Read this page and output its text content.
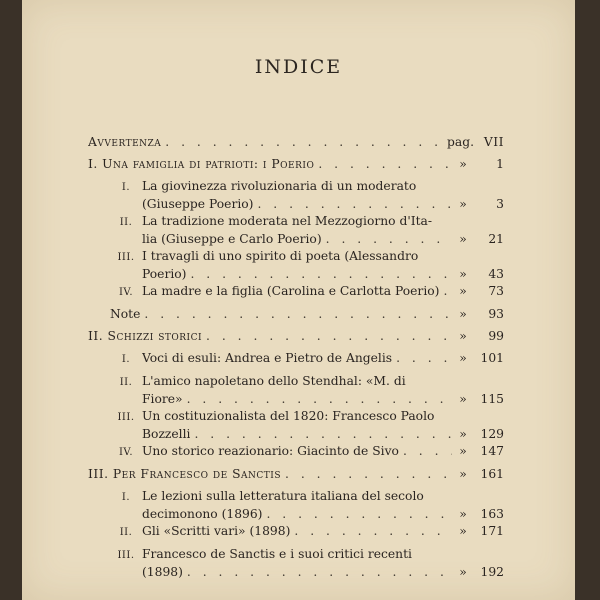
INDICE
Avvertenza . . .	pag. VII
I. Una famiglia di patrioti: i Poerio . . .	»	1
I. La giovinezza rivoluzionaria di un moderato
(Giuseppe Poerio) . . .	»	3
II. La tradizione moderata nel Mezzogiorno d'Ita-
lia (Giuseppe e Carlo Poerio) . . .	»	21
III. I travagli di uno spirito di poeta (Alessandro
Poerio) . . .	»	43
IV. La madre e la figlia (Carolina e Carlotta Poerio) . . .	»	73
Note . . .	»	93
II. Schizzi storici . . .	»	99
I. Voci di esuli: Andrea e Pietro de Angelis . . .	»	101
II. L'amico napoletano dello Stendhal: «M. di
Fiore» . . .	»	115
III. Un costituzionalista del 1820: Francesco Paolo
Bozzelli . . .	»	129
IV. Uno storico reazionario: Giacinto de Sivo . . .	»	147
III. Per Francesco de Sanctis . . .	»	161
I. Le lezioni sulla letteratura italiana del secolo
decimonono (1896) . . .	»	163
II. Gli «Scritti vari» (1898) . . .	»	171
III. Francesco de Sanctis e i suoi critici recenti
(1898) . . .	»	192
